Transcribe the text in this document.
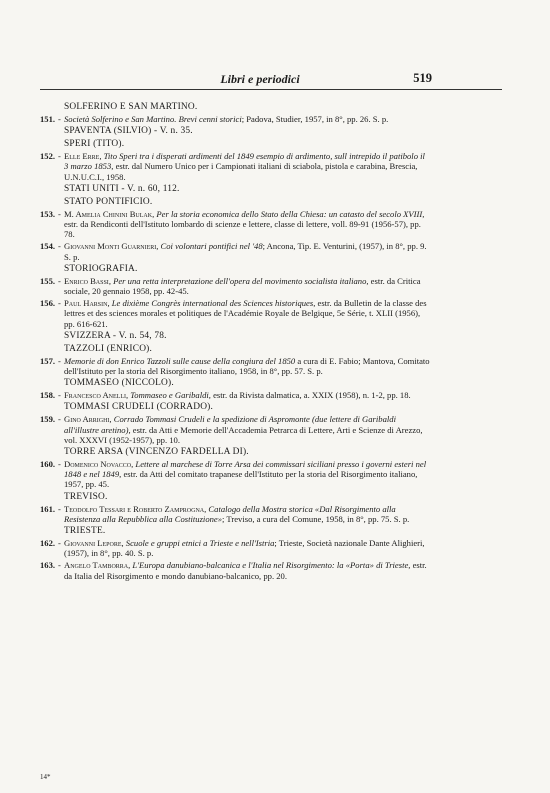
Libri e periodici	519
SOLFERINO E SAN MARTINO.
151. - Società Solferino e San Martino. Brevi cenni storici; Padova, Studier, 1957, in 8°, pp. 26. S. p.
SPAVENTA (SILVIO) - V. n. 35.
SPERI (TITO).
152. - Elle Erre, Tito Speri tra i disperati ardimenti del 1849 esempio di ardimento, sull intrepido il patibolo il 3 marzo 1853, estr. dal Numero Unico per i Campionati italiani di sciabola, pistola e carabina, Brescia, U.N.U.C.I., 1958.
STATI UNITI - V. n. 60, 112.
STATO PONTIFICIO.
153. - M. Amelia Chinini Bulak, Per la storia economica dello Stato della Chiesa: un catasto del secolo XVIII, estr. da Rendiconti dell'Istituto lombardo di scienze e lettere, classe di lettere, voll. 89-91 (1956-57), pp. 78.
154. - Giovanni Monti Guarnieri, Coi volontari pontifici nel '48; Ancona, Tip. E. Venturini, (1957), in 8°, pp. 9. S. p.
STORIOGRAFIA.
155. - Enrico Bassi, Per una retta interpretazione dell'opera del movimento socialista italiano, estr. da Critica sociale, 20 gennaio 1958, pp. 42-45.
156. - Paul Harsin, Le dixième Congrès international des Sciences historiques, estr. da Bulletin de la classe des lettres et des sciences morales et politiques de l'Académie Royale de Belgique, 5e Série, t. XLII (1956), pp. 616-621.
SVIZZERA - V. n. 54, 78.
TAZZOLI (ENRICO).
157. - Memorie di don Enrico Tazzoli sulle cause della congiura del 1850 a cura di E. Fabio; Mantova, Comitato dell'Istituto per la storia del Risorgimento italiano, 1958, in 8°, pp. 57. S. p.
TOMMASEO (NICCOLO).
158. - Francesco Anelli, Tommaseo e Garibaldi, estr. da Rivista dalmatica, a. XXIX (1958), n. 1-2, pp. 18.
TOMMASI CRUDELI (CORRADO).
159. - Gino Arrighi, Corrado Tommasi Crudeli e la spedizione di Aspromonte (due lettere di Garibaldi all'illustre aretino), estr. da Atti e Memorie dell'Accademia Petrarca di Lettere, Arti e Scienze di Arezzo, vol. XXXVI (1952-1957), pp. 10.
TORRE ARSA (VINCENZO FARDELLA DI).
160. - Domenico Novacco, Lettere al marchese di Torre Arsa dei commissari siciliani presso i governi esteri nel 1848 e nel 1849, estr. da Atti del comitato trapanese dell'Istituto per la storia del Risorgimento italiano, 1957, pp. 45.
TREVISO.
161. - Teodolfo Tessari e Roberto Zamprogna, Catalogo della Mostra storica «Dal Risorgimento alla Resistenza alla Repubblica alla Costituzione»; Treviso, a cura del Comune, 1958, in 8°, pp. 75. S. p.
TRIESTE.
162. - Giovanni Lepore, Scuole e gruppi etnici a Trieste e nell'Istria; Trieste, Società nazionale Dante Alighieri, (1957), in 8°, pp. 40. S. p.
163. - Angelo Tamborra, L'Europa danubiano-balcanica e l'Italia nel Risorgimento: la «Porta» di Trieste, estr. da Italia del Risorgimento e mondo danubiano-balcanico, pp. 20.
14*
